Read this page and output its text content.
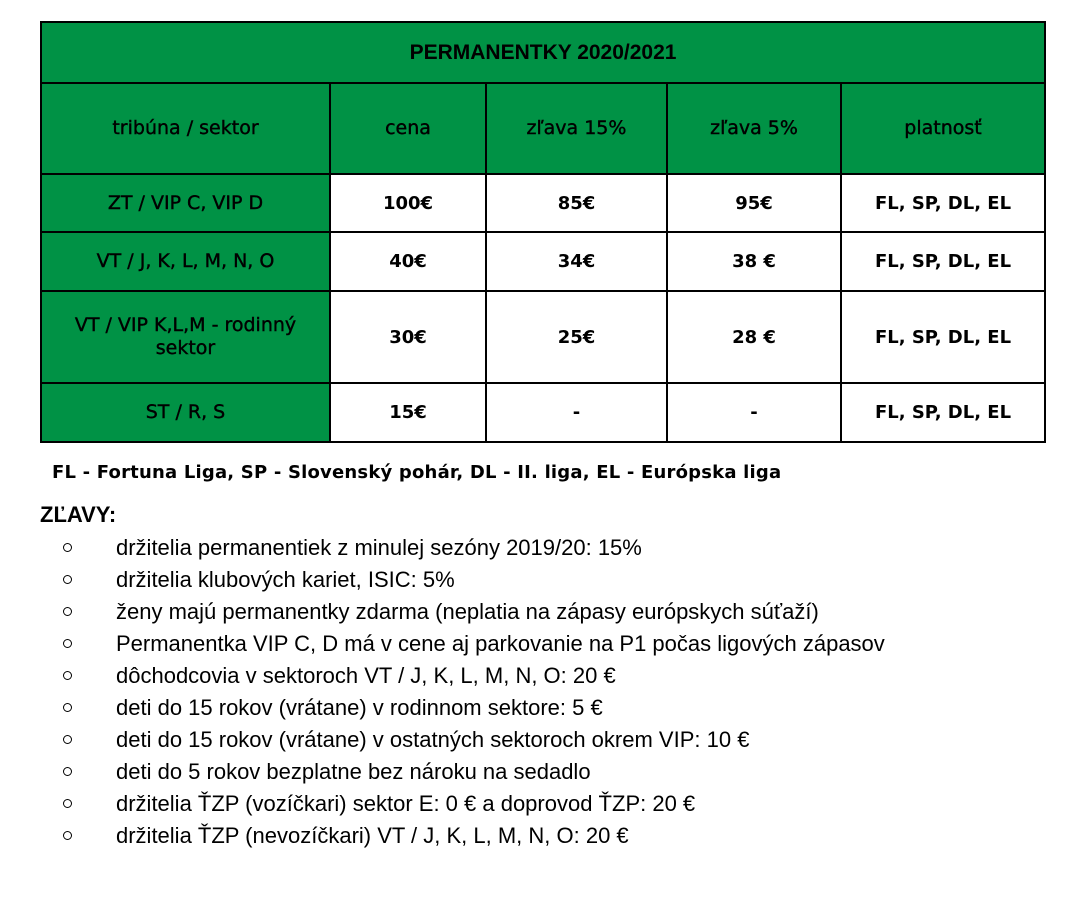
PERMANENTKY 2020/2021				
tribúna / sektor	cena	zľava 15%	zľava 5%	platnosť
ZT / VIP C, VIP D	100€	85€	95€	FL, SP, DL, EL
VT / J, K, L, M, N, O	40€	34€	38 €	FL, SP, DL, EL
VT / VIP K,L,M - rodinný sektor	30€	25€	28 €	FL, SP, DL, EL
ST / R, S	15€	-	-	FL, SP, DL, EL
FL - Fortuna Liga, SP - Slovenský pohár, DL - II. liga, EL - Európska liga
ZĽAVY:
držitelia permanentiek z minulej sezóny 2019/20: 15%
držitelia klubových kariet, ISIC: 5%
ženy majú permanentky zdarma (neplatia na zápasy európskych súťaží)
Permanentka VIP C, D má v cene aj parkovanie na P1 počas ligových zápasov
dôchodcovia v sektoroch VT / J, K, L, M, N, O: 20 €
deti do 15 rokov (vrátane) v rodinnom sektore: 5 €
deti do 15 rokov (vrátane) v ostatných sektoroch okrem VIP: 10 €
deti do 5 rokov bezplatne bez nároku na sedadlo
držitelia ŤZP (vozíčkari) sektor E: 0 € a doprovod ŤZP: 20 €
držitelia ŤZP (nevozíčkari) VT / J, K, L, M, N, O: 20 €
